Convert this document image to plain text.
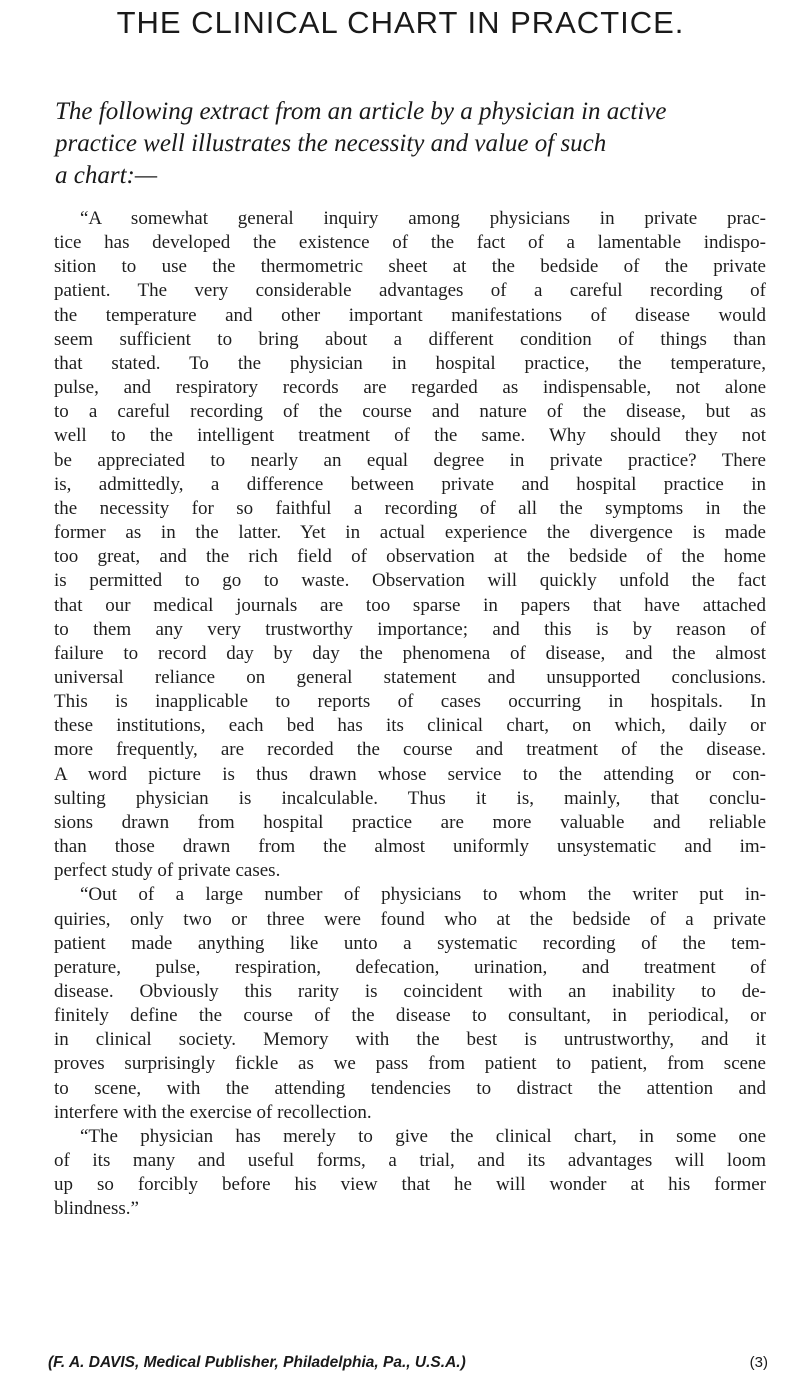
THE CLINICAL CHART IN PRACTICE.
The following extract from an article by a physician in active
practice well illustrates the necessity and value of such
a chart:—
“A somewhat general inquiry among physicians in private prac-
tice has developed the existence of the fact of a lamentable indispo-
sition to use the thermometric sheet at the bedside of the private
patient. The very considerable advantages of a careful recording of
the temperature and other important manifestations of disease would
seem sufficient to bring about a different condition of things than
that stated. To the physician in hospital practice, the temperature,
pulse, and respiratory records are regarded as indispensable, not alone
to a careful recording of the course and nature of the disease, but as
well to the intelligent treatment of the same. Why should they not
be appreciated to nearly an equal degree in private practice? There
is, admittedly, a difference between private and hospital practice in
the necessity for so faithful a recording of all the symptoms in the
former as in the latter. Yet in actual experience the divergence is made
too great, and the rich field of observation at the bedside of the home
is permitted to go to waste. Observation will quickly unfold the fact
that our medical journals are too sparse in papers that have attached
to them any very trustworthy importance; and this is by reason of
failure to record day by day the phenomena of disease, and the almost
universal reliance on general statement and unsupported conclusions.
This is inapplicable to reports of cases occurring in hospitals. In
these institutions, each bed has its clinical chart, on which, daily or
more frequently, are recorded the course and treatment of the disease.
A word picture is thus drawn whose service to the attending or con-
sulting physician is incalculable. Thus it is, mainly, that conclu-
sions drawn from hospital practice are more valuable and reliable
than those drawn from the almost uniformly unsystematic and im-
perfect study of private cases.
“Out of a large number of physicians to whom the writer put in-
quiries, only two or three were found who at the bedside of a private
patient made anything like unto a systematic recording of the tem-
perature, pulse, respiration, defecation, urination, and treatment of
disease. Obviously this rarity is coincident with an inability to de-
finitely define the course of the disease to consultant, in periodical, or
in clinical society. Memory with the best is untrustworthy, and it
proves surprisingly fickle as we pass from patient to patient, from scene
to scene, with the attending tendencies to distract the attention and
interfere with the exercise of recollection.
“The physician has merely to give the clinical chart, in some one
of its many and useful forms, a trial, and its advantages will loom
up so forcibly before his view that he will wonder at his former
blindness.”
(F. A. DAVIS, Medical Publisher, Philadelphia, Pa., U.S.A.)	(3)
